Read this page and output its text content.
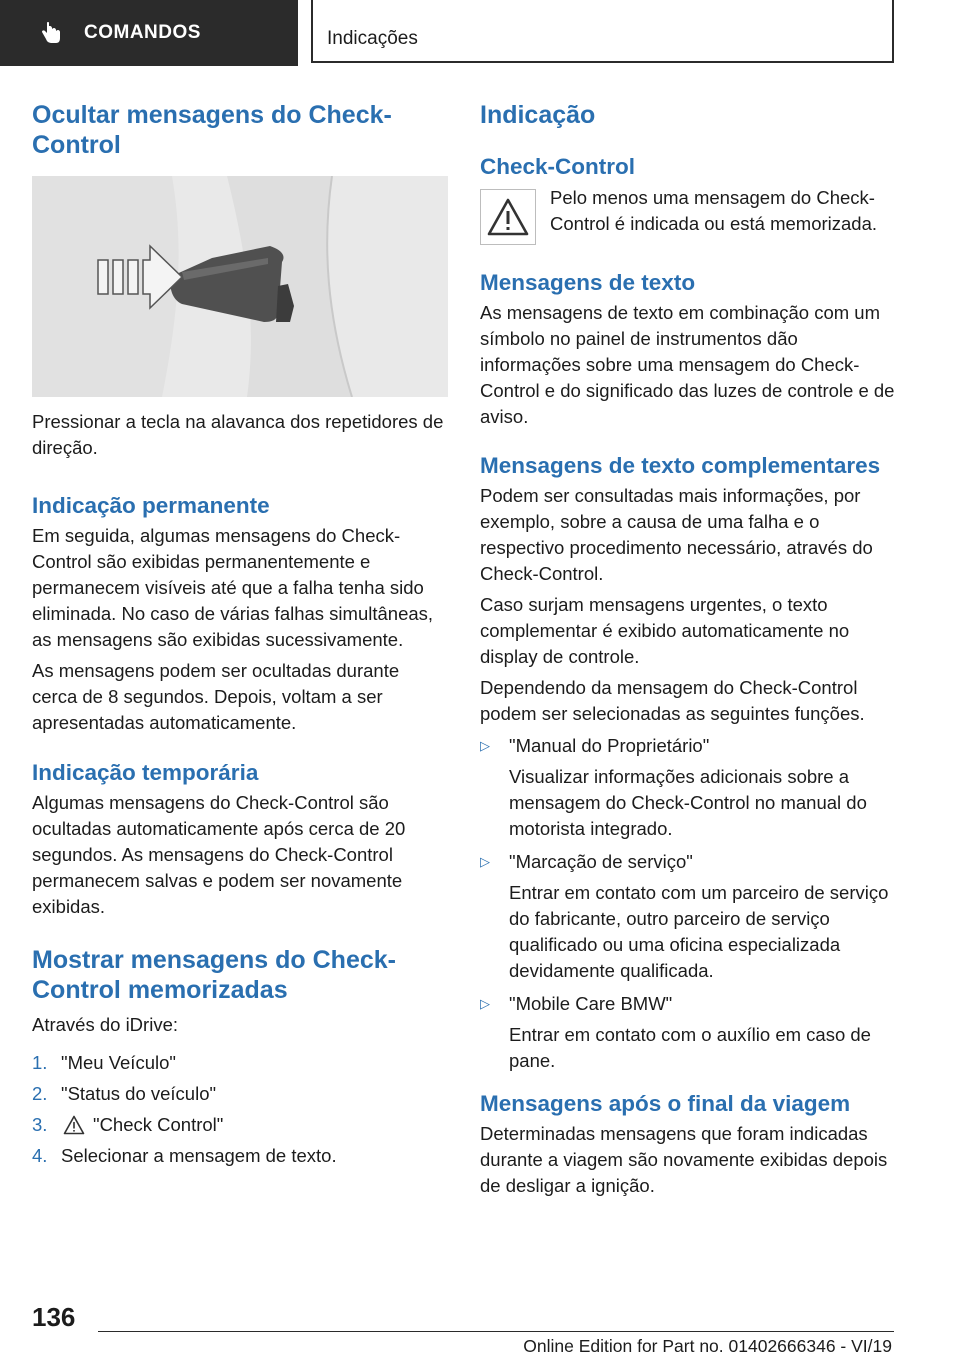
COMANDOS	Indicações
Ocultar mensagens do Check-Control

Pressionar a tecla na alavanca dos repetidores de direção.

Indicação permanente

Em seguida, algumas mensagens do Check-Control são exibidas permanentemente e permanecem visíveis até que a falha tenha sido eliminada. No caso de várias falhas simultâneas, as mensagens são exibidas sucessivamente.

As mensagens podem ser ocultadas durante cerca de 8 segundos. Depois, voltam a ser apresentadas automaticamente.

Indicação temporária

Algumas mensagens do Check-Control são ocultadas automaticamente após cerca de 20 segundos. As mensagens do Check-Control permanecem salvas e podem ser novamente exibidas.

Mostrar mensagens do Check-Control memorizadas

Através do iDrive:

1. "Meu Veículo"
2. "Status do veículo"
3.	"Check Control"
4. Selecionar a mensagem de texto.
Indicação
Check-Control

Pelo menos uma mensagem do Check-Control é indicada ou está memorizada.

Mensagens de texto

As mensagens de texto em combinação com um símbolo no painel de instrumentos dão informações sobre uma mensagem do Check-Control e do significado das luzes de controle e de aviso.

Mensagens de texto complementares

Podem ser consultadas mais informações, por exemplo, sobre a causa de uma falha e o respectivo procedimento necessário, através do Check-Control.

Caso surjam mensagens urgentes, o texto complementar é exibido automaticamente no display de controle.

Dependendo da mensagem do Check-Control podem ser selecionadas as seguintes funções.

▷	"Manual do Proprietário"
Visualizar informações adicionais sobre a mensagem do Check-Control no manual do motorista integrado.
▷	"Marcação de serviço"
Entrar em contato com um parceiro de serviço do fabricante, outro parceiro de serviço qualificado ou uma oficina especializada devidamente qualificada.
▷	"Mobile Care BMW"
Entrar em contato com o auxílio em caso de pane.
Mensagens após o final da viagem

Determinadas mensagens que foram indicadas durante a viagem são novamente exibidas depois de desligar a ignição.

136
Online Edition for Part no. 01402666346 - VI/19
